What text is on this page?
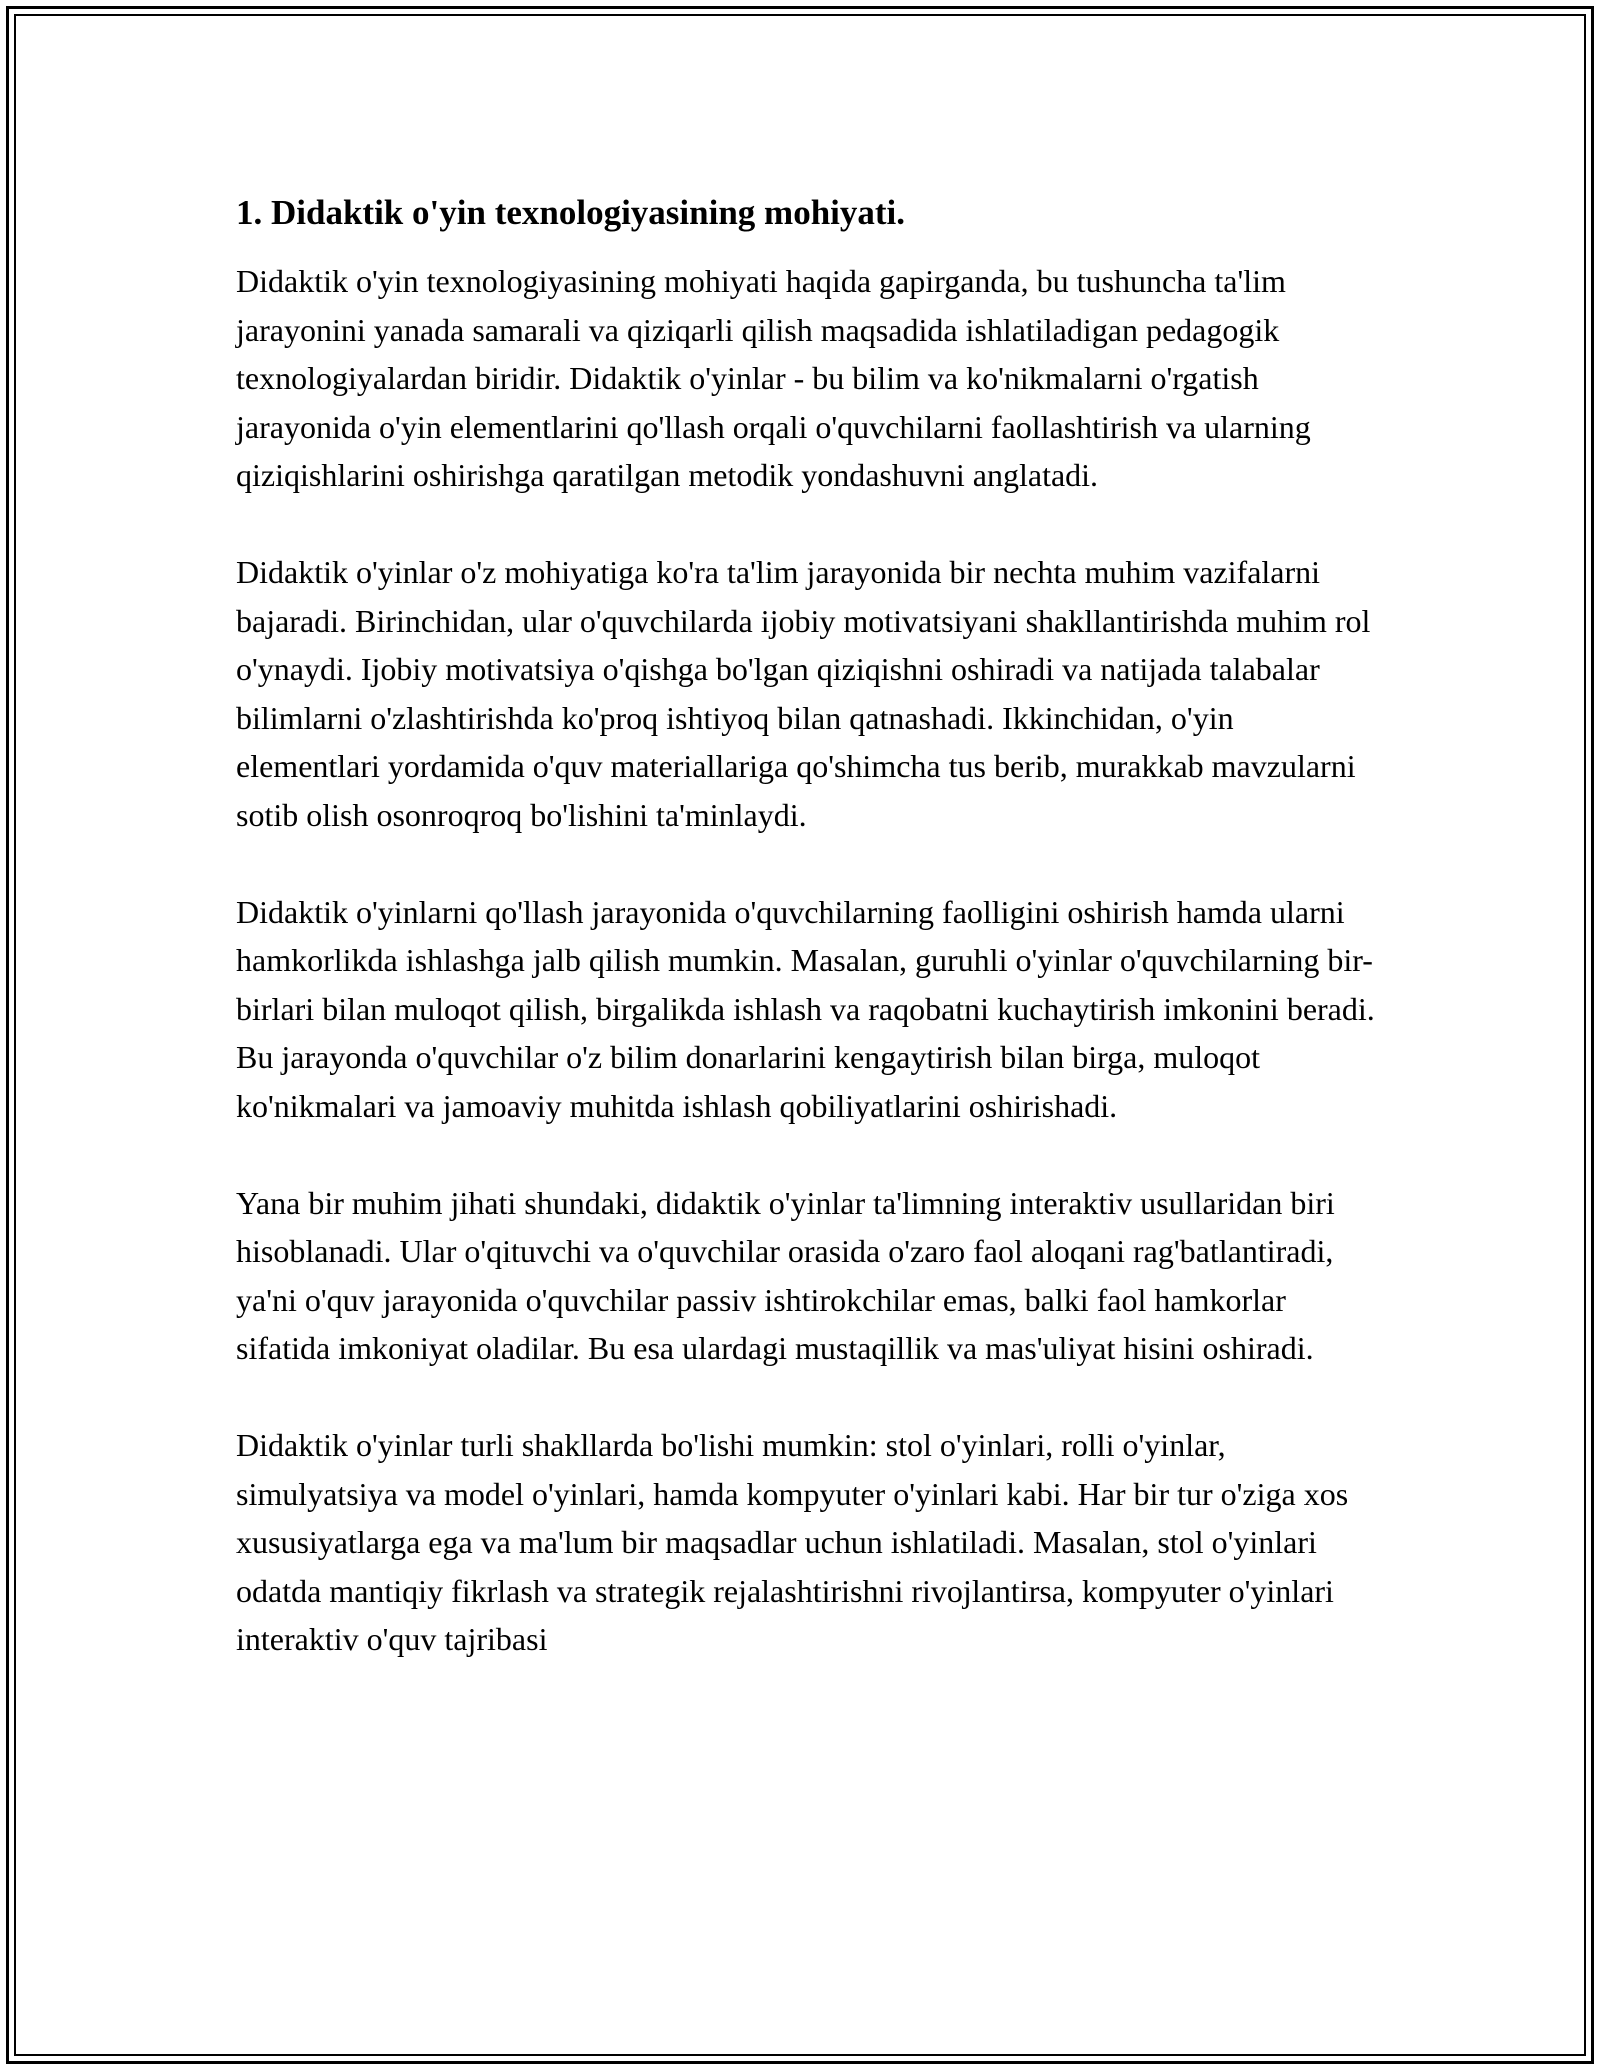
1. Didaktik o'yin texnologiyasining mohiyati.

Didaktik o'yin texnologiyasining mohiyati haqida gapirganda, bu tushuncha ta'lim jarayonini yanada samarali va qiziqarli qilish maqsadida ishlatiladigan pedagogik texnologiyalardan biridir. Didaktik o'yinlar - bu bilim va ko'nikmalarni o'rgatish jarayonida o'yin elementlarini qo'llash orqali o'quvchilarni faollashtirish va ularning qiziqishlarini oshirishga qaratilgan metodik yondashuvni anglatadi.

Didaktik o'yinlar o'z mohiyatiga ko'ra ta'lim jarayonida bir nechta muhim vazifalarni bajaradi. Birinchidan, ular o'quvchilarda ijobiy motivatsiyani shakllantirishda muhim rol o'ynaydi. Ijobiy motivatsiya o'qishga bo'lgan qiziqishni oshiradi va natijada talabalar bilimlarni o'zlashtirishda ko'proq ishtiyoq bilan qatnashadi. Ikkinchidan, o'yin elementlari yordamida o'quv materiallariga qo'shimcha tus berib, murakkab mavzularni sotib olish osonroqroq bo'lishini ta'minlaydi.

Didaktik o'yinlarni qo'llash jarayonida o'quvchilarning faolligini oshirish hamda ularni hamkorlikda ishlashga jalb qilish mumkin. Masalan, guruhli o'yinlar o'quvchilarning bir-birlari bilan muloqot qilish, birgalikda ishlash va raqobatni kuchaytirish imkonini beradi. Bu jarayonda o'quvchilar o'z bilim donarlarini kengaytirish bilan birga, muloqot ko'nikmalari va jamoaviy muhitda ishlash qobiliyatlarini oshirishadi.

Yana bir muhim jihati shundaki, didaktik o'yinlar ta'limning interaktiv usullaridan biri hisoblanadi. Ular o'qituvchi va o'quvchilar orasida o'zaro faol aloqani rag'batlantiradi, ya'ni o'quv jarayonida o'quvchilar passiv ishtirokchilar emas, balki faol hamkorlar sifatida imkoniyat oladilar. Bu esa ulardagi mustaqillik va mas'uliyat hisini oshiradi.

Didaktik o'yinlar turli shakllarda bo'lishi mumkin: stol o'yinlari, rolli o'yinlar, simulyatsiya va model o'yinlari, hamda kompyuter o'yinlari kabi. Har bir tur o'ziga xos xususiyatlarga ega va ma'lum bir maqsadlar uchun ishlatiladi. Masalan, stol o'yinlari odatda mantiqiy fikrlash va strategik rejalashtirishni rivojlantirsa, kompyuter o'yinlari interaktiv o'quv tajribasi
